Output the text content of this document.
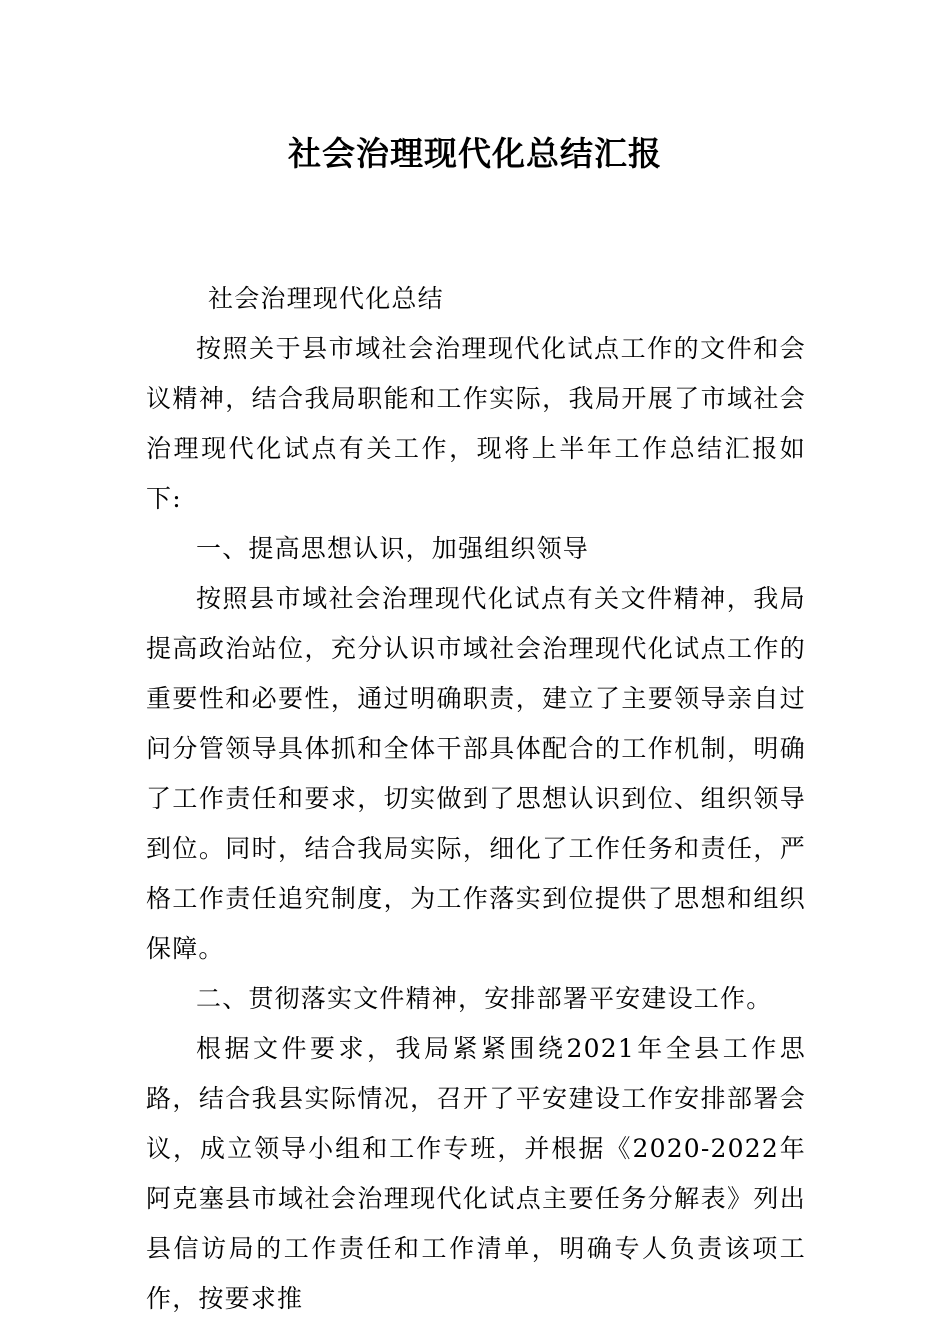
社会治理现代化总结汇报

社会治理现代化总结

按照关于县市域社会治理现代化试点工作的文件和会议精神，结合我局职能和工作实际，我局开展了市域社会治理现代化试点有关工作，现将上半年工作总结汇报如下:

一、提高思想认识，加强组织领导

按照县市域社会治理现代化试点有关文件精神，我局提高政治站位，充分认识市域社会治理现代化试点工作的重要性和必要性，通过明确职责，建立了主要领导亲自过问分管领导具体抓和全体干部具体配合的工作机制，明确了工作责任和要求，切实做到了思想认识到位、组织领导到位。同时，结合我局实际，细化了工作任务和责任，严格工作责任追究制度，为工作落实到位提供了思想和组织保障。

二、贯彻落实文件精神，安排部署平安建设工作。

根据文件要求，我局紧紧围绕2021年全县工作思路，结合我县实际情况，召开了平安建设工作安排部署会议，成立领导小组和工作专班，并根据《2020-2022年阿克塞县市域社会治理现代化试点主要任务分解表》列出县信访局的工作责任和工作清单，明确专人负责该项工作，按要求推
